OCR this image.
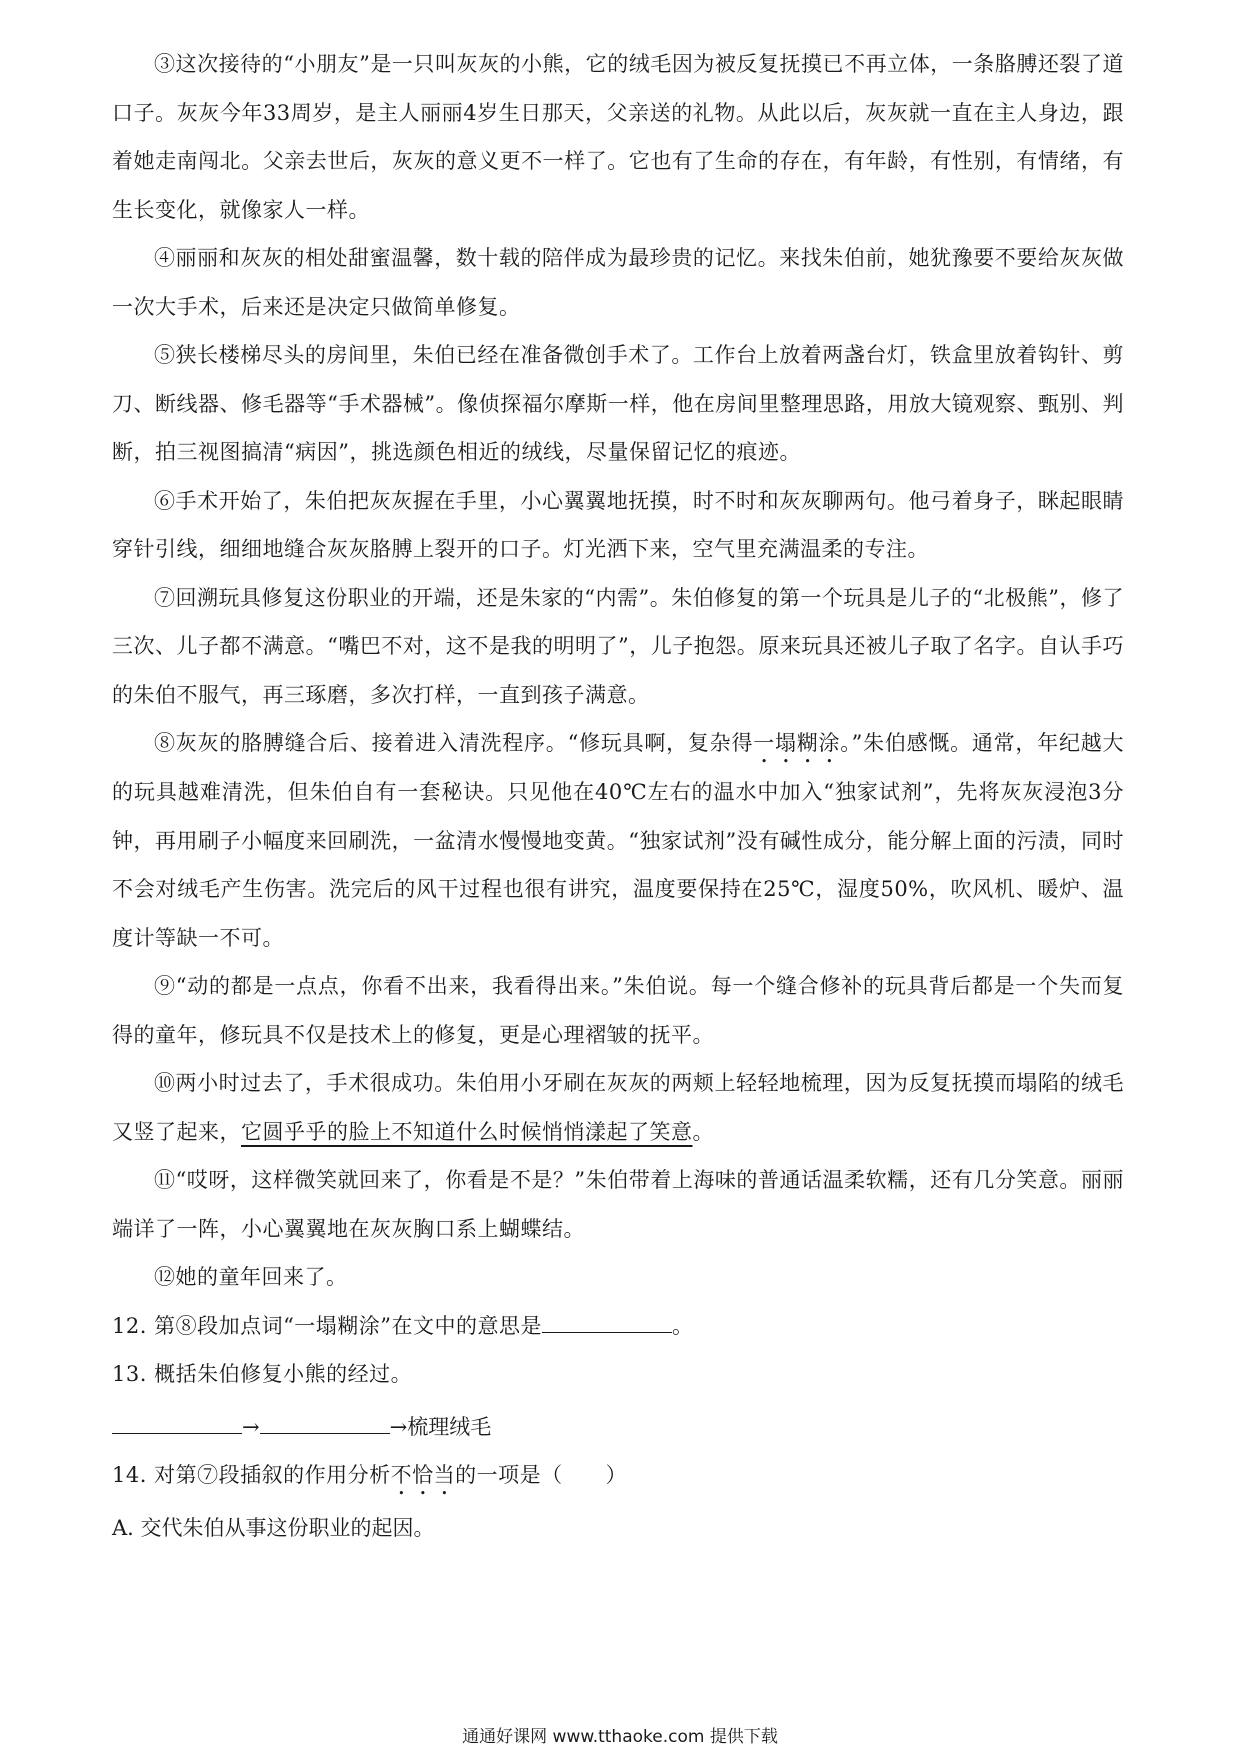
③这次接待的“小朋友”是一只叫灰灰的小熊，它的绒毛因为被反复抚摸已不再立体，一条胳膊还裂了道口子。灰灰今年33周岁，是主人丽丽4岁生日那天，父亲送的礼物。从此以后，灰灰就一直在主人身边，跟着她走南闯北。父亲去世后，灰灰的意义更不一样了。它也有了生命的存在，有年龄，有性别，有情绪，有生长变化，就像家人一样。

④丽丽和灰灰的相处甜蜜温馨，数十载的陪伴成为最珍贵的记忆。来找朱伯前，她犹豫要不要给灰灰做一次大手术，后来还是决定只做简单修复。

⑤狭长楼梯尽头的房间里，朱伯已经在准备微创手术了。工作台上放着两盏台灯，铁盒里放着钩针、剪刀、断线器、修毛器等“手术器械”。像侦探福尔摩斯一样，他在房间里整理思路，用放大镜观察、甄别、判断，拍三视图搞清“病因”，挑选颜色相近的绒线，尽量保留记忆的痕迹。

⑥手术开始了，朱伯把灰灰握在手里，小心翼翼地抚摸，时不时和灰灰聊两句。他弓着身子，眯起眼睛穿针引线，细细地缝合灰灰胳膊上裂开的口子。灯光洒下来，空气里充满温柔的专注。

⑦回溯玩具修复这份职业的开端，还是朱家的“内需”。朱伯修复的第一个玩具是儿子的“北极熊”，修了三次、儿子都不满意。“嘴巴不对，这不是我的明明了”，儿子抱怨。原来玩具还被儿子取了名字。自认手巧的朱伯不服气，再三琢磨，多次打样，一直到孩子满意。

⑧灰灰的胳膊缝合后、接着进入清洗程序。“修玩具啊，复杂得一塌糊涂。”朱伯感慨。通常，年纪越大的玩具越难清洗，但朱伯自有一套秘诀。只见他在40℃左右的温水中加入“独家试剂”，先将灰灰浸泡3分钟，再用刷子小幅度来回刷洗，一盆清水慢慢地变黄。“独家试剂”没有碱性成分，能分解上面的污渍，同时不会对绒毛产生伤害。洗完后的风干过程也很有讲究，温度要保持在25℃，湿度50%，吹风机、暖炉、温度计等缺一不可。

⑨“动的都是一点点，你看不出来，我看得出来。”朱伯说。每一个缝合修补的玩具背后都是一个失而复得的童年，修玩具不仅是技术上的修复，更是心理褶皱的抚平。

⑩两小时过去了，手术很成功。朱伯用小牙刷在灰灰的两颊上轻轻地梳理，因为反复抚摸而塌陷的绒毛又竖了起来，它圆乎乎的脸上不知道什么时候悄悄漾起了笑意。

⑪“哎呀，这样微笑就回来了，你看是不是？”朱伯带着上海味的普通话温柔软糯，还有几分笑意。丽丽端详了一阵，小心翼翼地在灰灰胸口系上蝴蝶结。

⑫她的童年回来了。

12. 第⑧段加点词“一塌糊涂”在文中的意思是	。

13. 概括朱伯修复小熊的经过。

→	→梳理绒毛

14. 对第⑦段插叙的作用分析不恰当的一项是（　　）

A. 交代朱伯从事这份职业的起因。

通通好课网 www.tthaoke.com 提供下载
